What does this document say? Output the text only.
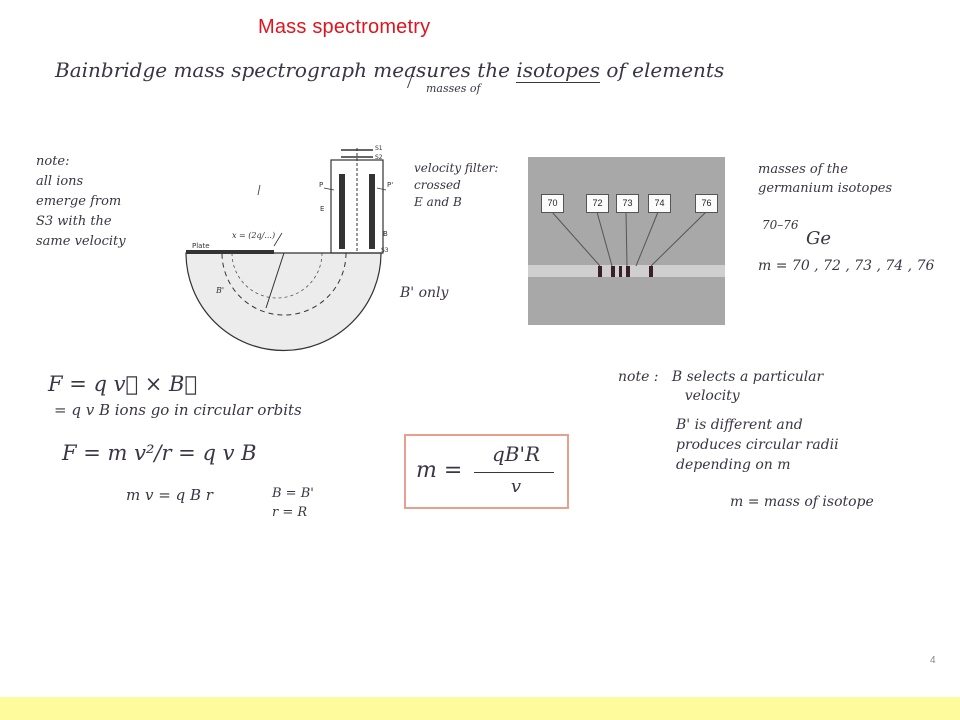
Mass spectrometry
Bainbridge mass spectrograph measures the isotopes of elements
masses of
note:
all ions
emerge from
S3 with the
same velocity	Plate
x = (2q/...)
B'
P	P'
E
B
S1
S2
S3
velocity filter:
crossed
E and B
B' only
70	72	73	74	76
masses of the
germanium isotopes
70–76
Ge
m = 70 , 72 , 73 , 74 , 76
F = q v⃗ × B⃗
= q v B ions go in circular orbits
F = m v²/r = q v B
m v = q B r	B = B'
r = R
m =
qB'R
v
note :   B selects a particular
velocity
B' is different and
produces circular radii
depending on m
m = mass of isotope
4
